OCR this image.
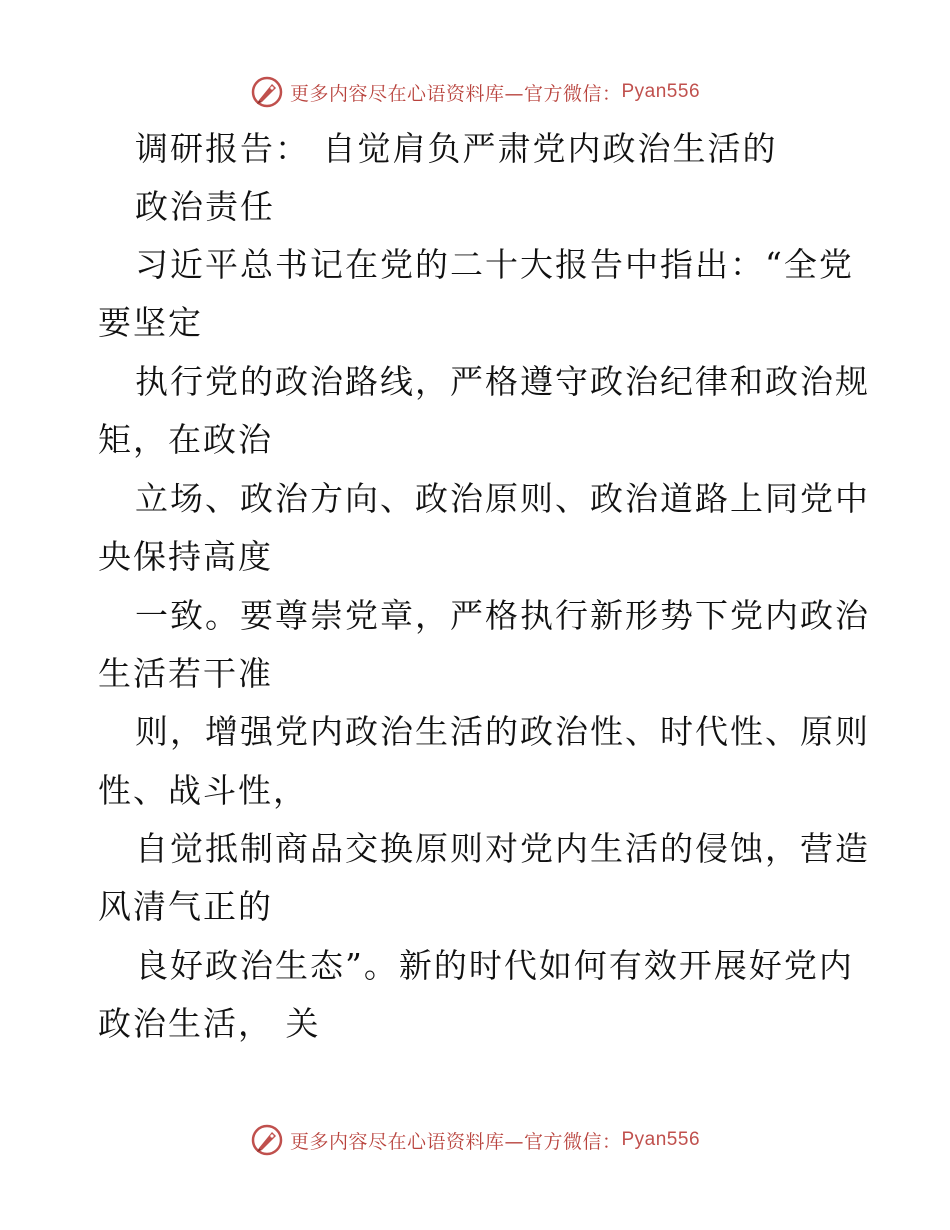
更多内容尽在心语资料库—官方微信： Pyan556
调研报告： 自觉肩负严肃党内政治生活的
政治责任
习近平总书记在党的二十大报告中指出：“全党
要坚定
执行党的政治路线，严格遵守政治纪律和政治规
矩，在政治
立场、政治方向、政治原则、政治道路上同党中
央保持高度
一致。要尊崇党章，严格执行新形势下党内政治
生活若干准
则，增强党内政治生活的政治性、时代性、原则
性、战斗性，
自觉抵制商品交换原则对党内生活的侵蚀，营造
风清气正的
良好政治生态”。新的时代如何有效开展好党内
政治生活， 关
更多内容尽在心语资料库—官方微信： Pyan556
